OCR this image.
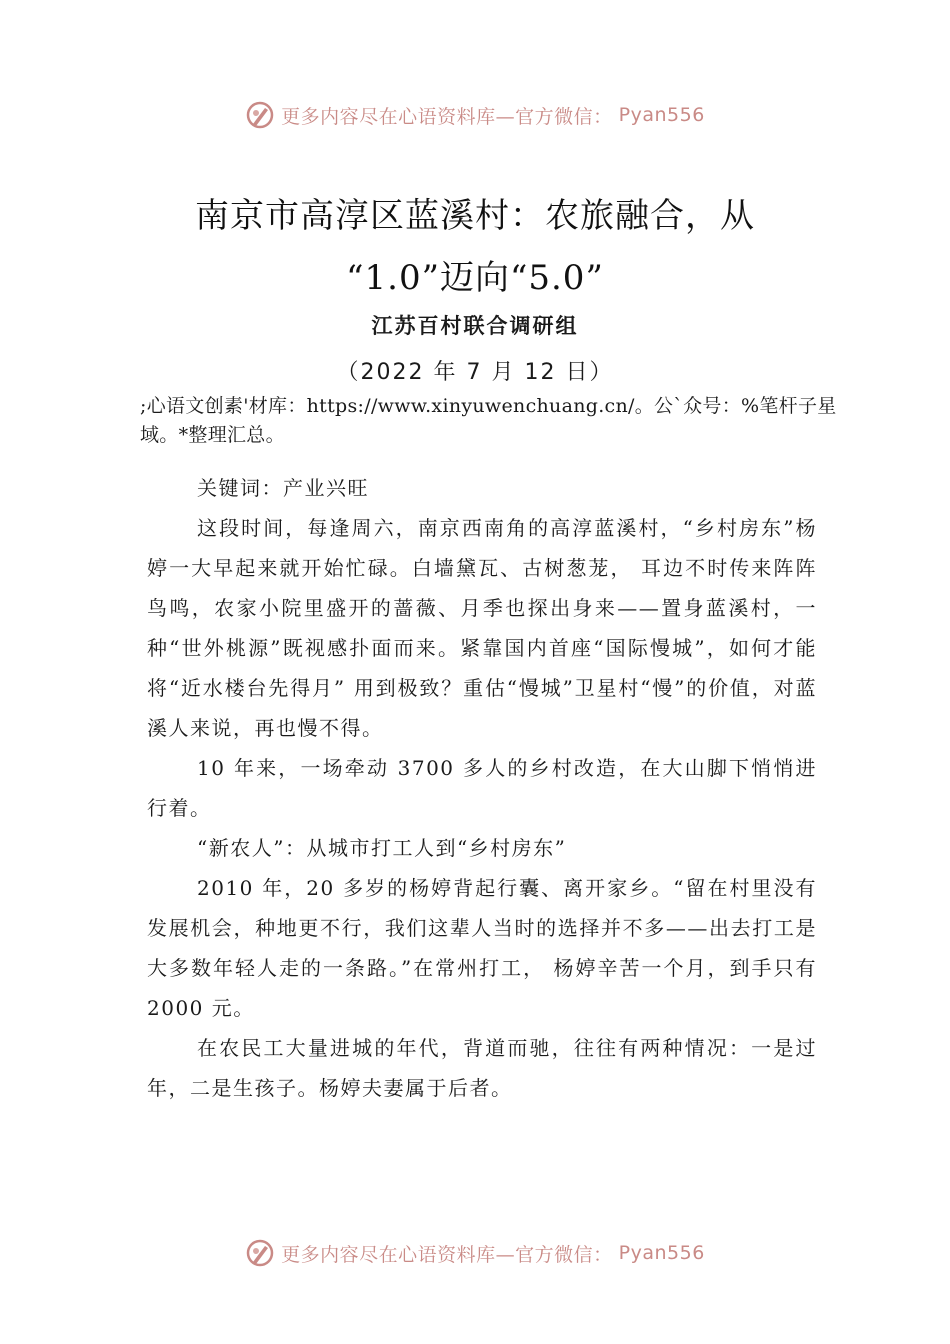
更多内容尽在心语资料库—官方微信： Pyan556
南京市高淳区蓝溪村：农旅融合，从
“1.0”迈向“5.0”
江苏百村联合调研组
（2022 年 7 月 12 日）
;心语文创素'材库：https://www.xinyuwenchuang.cn/。公`众号：%笔杆子星域。*整理汇总。

关键词：产业兴旺

这段时间，每逢周六，南京西南角的高淳蓝溪村，“乡村房东”杨婷一大早起来就开始忙碌。白墙黛瓦、古树葱茏， 耳边不时传来阵阵鸟鸣，农家小院里盛开的蔷薇、月季也探出身来——置身蓝溪村，一种“世外桃源”既视感扑面而来。紧靠国内首座“国际慢城”，如何才能将“近水楼台先得月” 用到极致？重估“慢城”卫星村“慢”的价值，对蓝溪人来说，再也慢不得。

10 年来，一场牵动 3700 多人的乡村改造，在大山脚下悄悄进行着。

“新农人”：从城市打工人到“乡村房东”

2010 年，20 多岁的杨婷背起行囊、离开家乡。“留在村里没有发展机会，种地更不行，我们这辈人当时的选择并不多——出去打工是大多数年轻人走的一条路。”在常州打工， 杨婷辛苦一个月，到手只有 2000 元。

在农民工大量进城的年代，背道而驰，往往有两种情况：一是过年，二是生孩子。杨婷夫妻属于后者。

更多内容尽在心语资料库—官方微信： Pyan556
